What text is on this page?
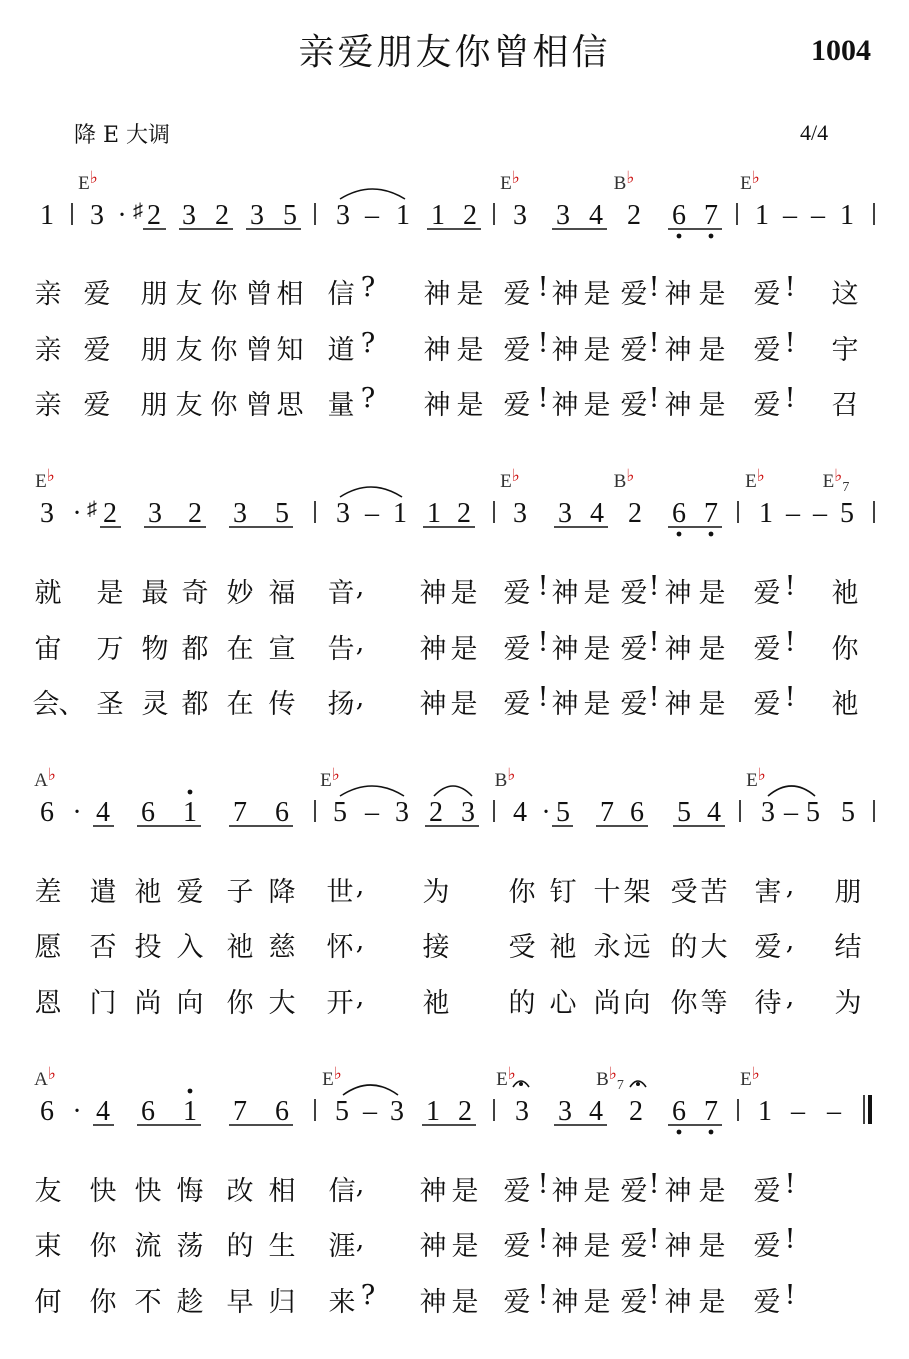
亲爱朋友你曾相信	1004
降 E 大调	4/4
E♭	E♭	B♭	E♭
1 3 · ♯ 2 3 2 3 5 3 – 1 1 2 3 3 4 2 6 7 1 – – 1
亲 爱 朋 友 你 曾 相 信 ? 神 是 爱 ! 神 是 爱 ! 神 是 爱 ! 这
亲 爱 朋 友 你 曾 知 道 ? 神 是 爱 ! 神 是 爱 ! 神 是 爱 ! 宇
亲 爱 朋 友 你 曾 思 量 ? 神 是 爱 ! 神 是 爱 ! 神 是 爱 ! 召
E♭	E♭	B♭	E♭	$E♭_7$
3 · ♯ 2 3 2 3 5 3 – 1 1 2 3 3 4 2 6 7 1 – – 5
就 是 最 奇 妙 福 音 , 神 是 爱 ! 神 是 爱 ! 神 是 爱 ! 祂
宙 万 物 都 在 宣 告 , 神 是 爱 ! 神 是 爱 ! 神 是 爱 ! 你
会 、 圣 灵 都 在 传 扬 , 神 是 爱 ! 神 是 爱 ! 神 是 爱 ! 祂
A♭	E♭	B♭	E♭
6 · 4 6 1 7 6 5 – 3 2 3 4 · 5 7 6 5 4 3 – 5 5
差 遣 祂 爱 子 降 世 , 为 你 钉 十 架 受 苦 害 , 朋
愿 否 投 入 祂 慈 怀 , 接 受 祂 永 远 的 大 爱 , 结
恩 门 尚 向 你 大 开 , 祂 的 心 尚 向 你 等 待 , 为
A♭	E♭	E♭	$B♭_7$	E♭
6 · 4 6 1 7 6 5 – 3 1 2 3 3 4 2 6 7 1 – –
友 快 快 悔 改 相 信 , 神 是 爱 ! 神 是 爱 ! 神 是 爱 !
束 你 流 荡 的 生 涯 , 神 是 爱 ! 神 是 爱 ! 神 是 爱 !
何 你 不 趁 早 归 来 ? 神 是 爱 ! 神 是 爱 ! 神 是 爱 !
